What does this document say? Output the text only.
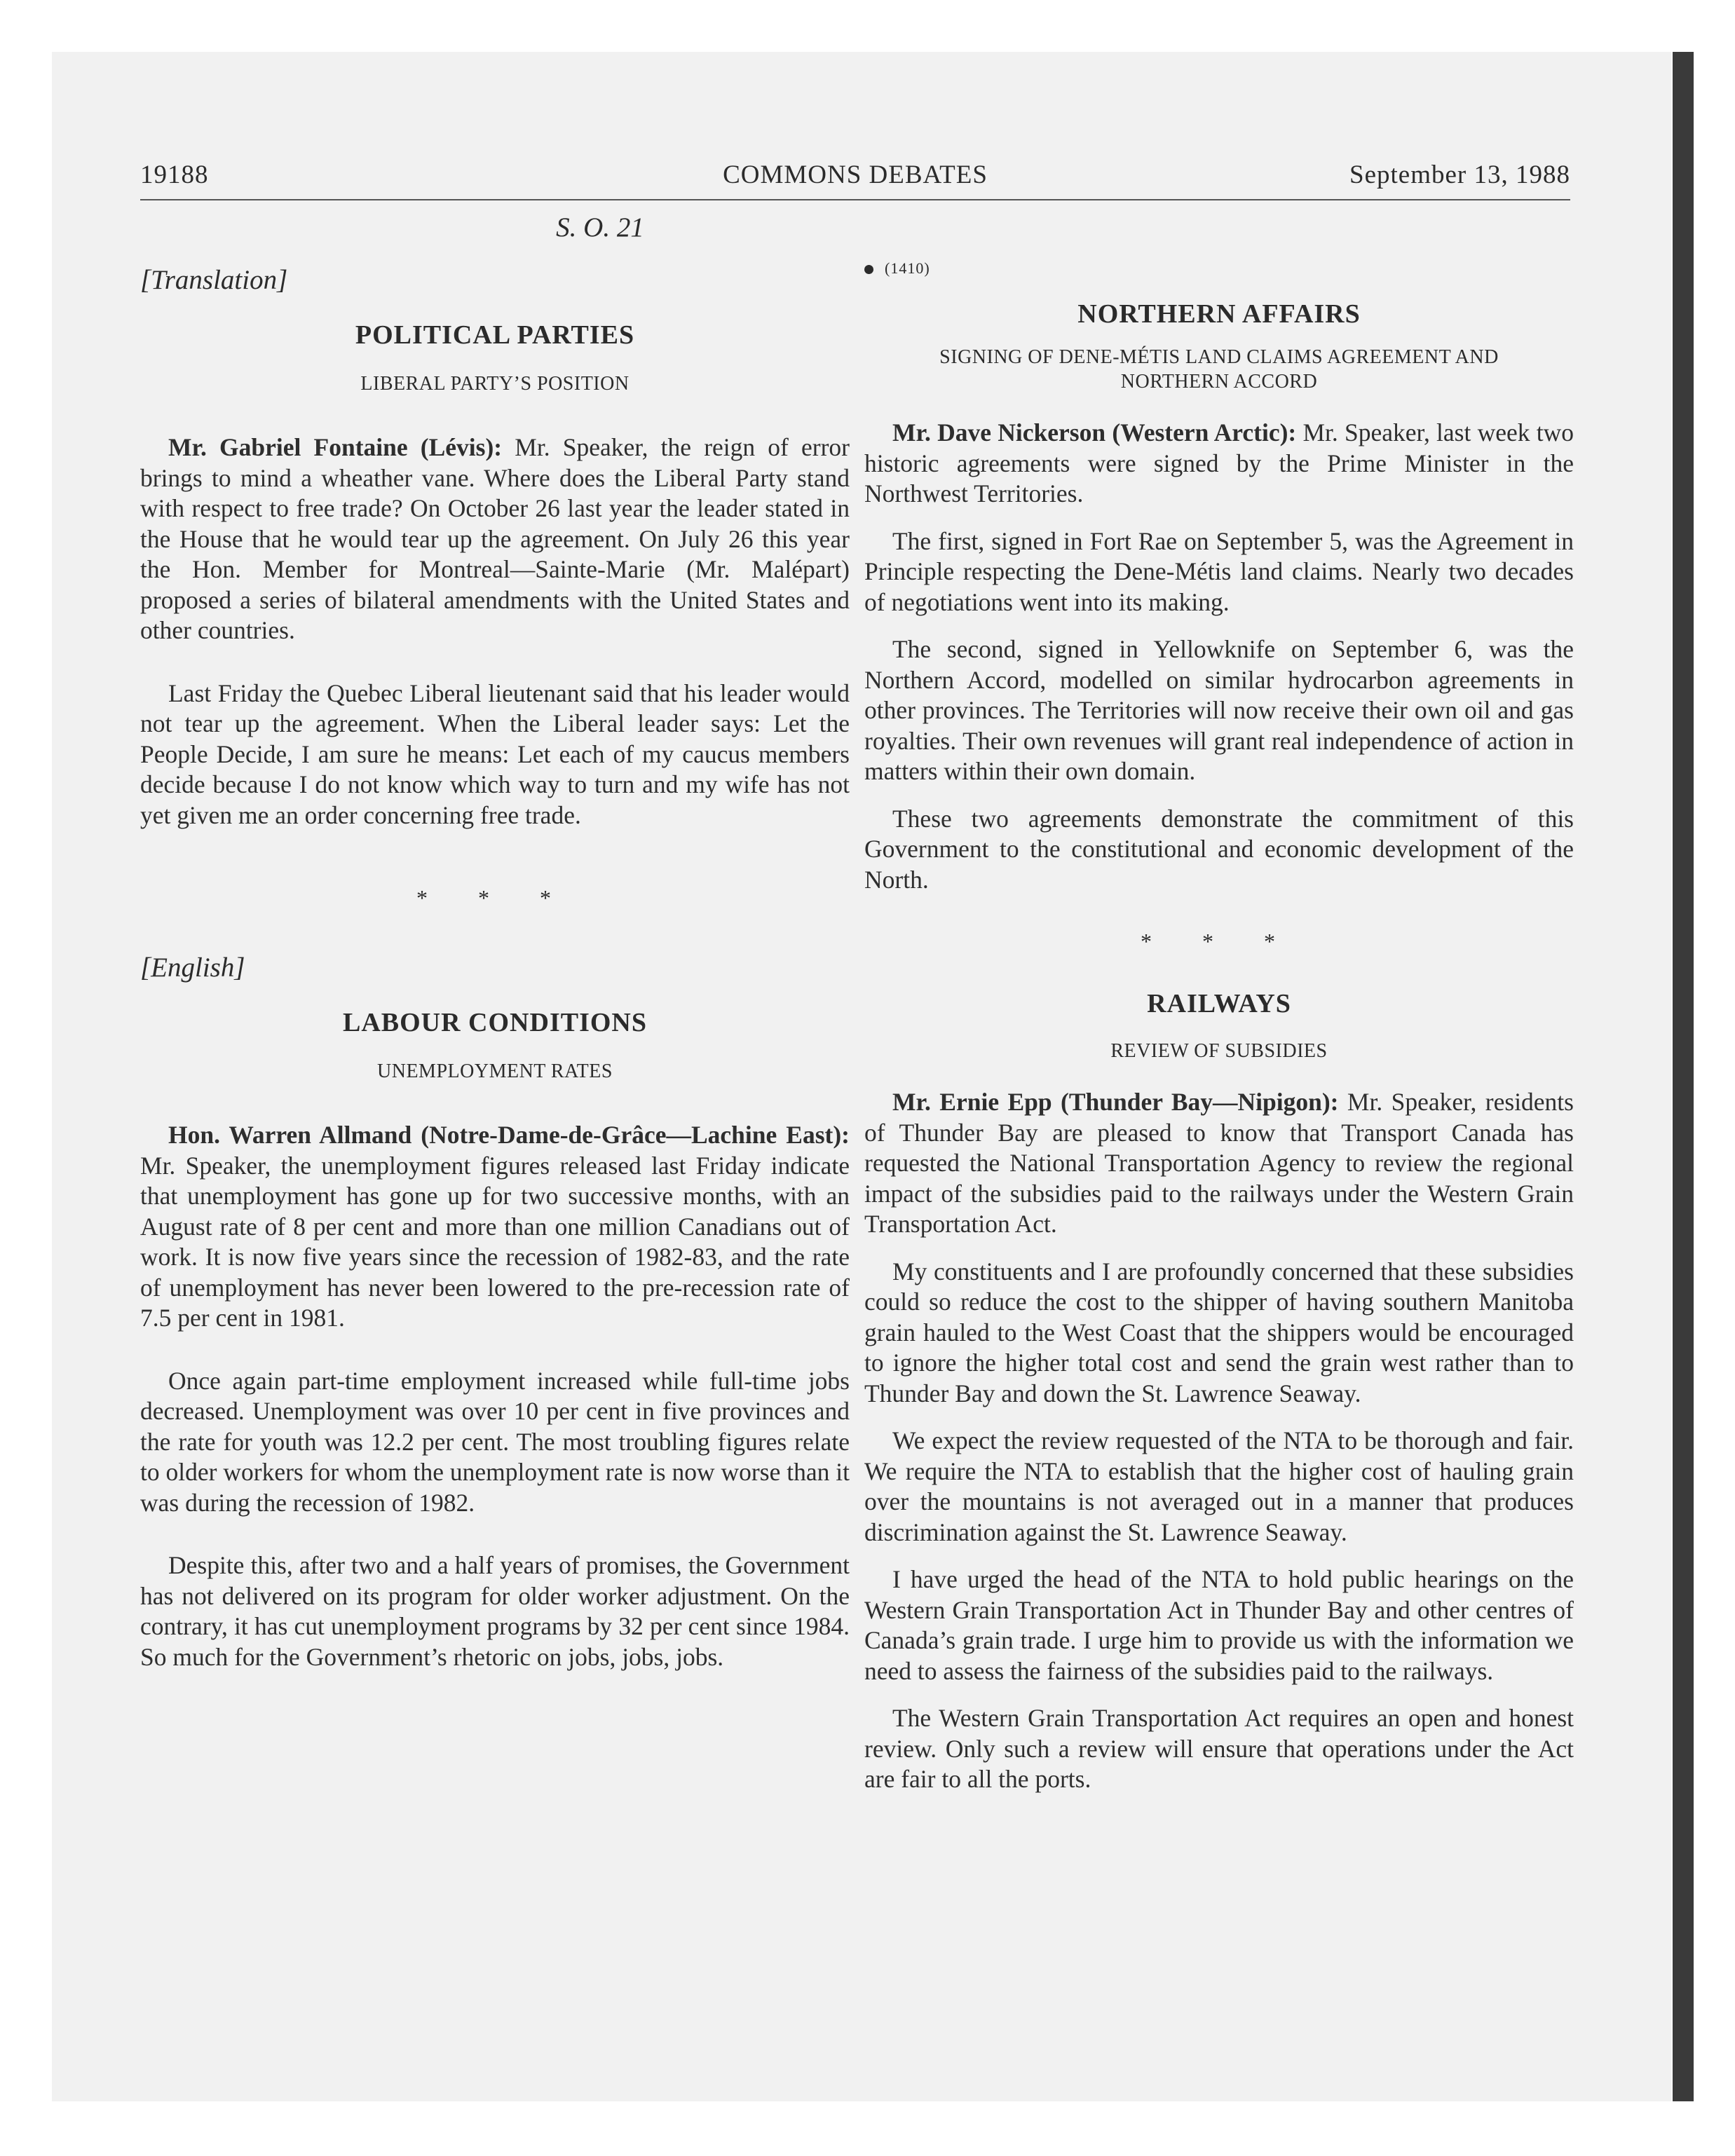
19188	COMMONS DEBATES	September 13, 1988
S. O. 21
[Translation]
POLITICAL PARTIES
LIBERAL PARTY’S POSITION

Mr. Gabriel Fontaine (Lévis): Mr. Speaker, the reign of error brings to mind a wheather vane. Where does the Liberal Party stand with respect to free trade? On October 26 last year the leader stated in the House that he would tear up the agreement. On July 26 this year the Hon. Member for Montreal—Sainte-Marie (Mr. Malépart) proposed a series of bilateral amendments with the United States and other countries.

Last Friday the Quebec Liberal lieutenant said that his leader would not tear up the agreement. When the Liberal leader says: Let the People Decide, I am sure he means: Let each of my caucus members decide because I do not know which way to turn and my wife has not yet given me an order concerning free trade.

* * *
[English]
LABOUR CONDITIONS
UNEMPLOYMENT RATES

Hon. Warren Allmand (Notre-Dame-de-Grâce—Lachine East): Mr. Speaker, the unemployment figures released last Friday indicate that unemployment has gone up for two successive months, with an August rate of 8 per cent and more than one million Canadians out of work. It is now five years since the recession of 1982-83, and the rate of unemployment has never been lowered to the pre-recession rate of 7.5 per cent in 1981.

Once again part-time employment increased while full-time jobs decreased. Unemployment was over 10 per cent in five provinces and the rate for youth was 12.2 per cent. The most troubling figures relate to older workers for whom the unemployment rate is now worse than it was during the recession of 1982.

Despite this, after two and a half years of promises, the Government has not delivered on its program for older worker adjustment. On the contrary, it has cut unemployment programs by 32 per cent since 1984. So much for the Government’s rhetoric on jobs, jobs, jobs.

(1410)
NORTHERN AFFAIRS
SIGNING OF DENE-MÉTIS LAND CLAIMS AGREEMENT AND
NORTHERN ACCORD

Mr. Dave Nickerson (Western Arctic): Mr. Speaker, last week two historic agreements were signed by the Prime Minister in the Northwest Territories.

The first, signed in Fort Rae on September 5, was the Agreement in Principle respecting the Dene-Métis land claims. Nearly two decades of negotiations went into its making.

The second, signed in Yellowknife on September 6, was the Northern Accord, modelled on similar hydrocarbon agreements in other provinces. The Territories will now receive their own oil and gas royalties. Their own revenues will grant real independence of action in matters within their own domain.

These two agreements demonstrate the commitment of this Government to the constitutional and economic development of the North.

* * *
RAILWAYS
REVIEW OF SUBSIDIES

Mr. Ernie Epp (Thunder Bay—Nipigon): Mr. Speaker, residents of Thunder Bay are pleased to know that Transport Canada has requested the National Transportation Agency to review the regional impact of the subsidies paid to the railways under the Western Grain Transportation Act.

My constituents and I are profoundly concerned that these subsidies could so reduce the cost to the shipper of having southern Manitoba grain hauled to the West Coast that the shippers would be encouraged to ignore the higher total cost and send the grain west rather than to Thunder Bay and down the St. Lawrence Seaway.

We expect the review requested of the NTA to be thorough and fair. We require the NTA to establish that the higher cost of hauling grain over the mountains is not averaged out in a manner that produces discrimination against the St. Lawrence Seaway.

I have urged the head of the NTA to hold public hearings on the Western Grain Transportation Act in Thunder Bay and other centres of Canada’s grain trade. I urge him to provide us with the information we need to assess the fairness of the subsidies paid to the railways.

The Western Grain Transportation Act requires an open and honest review. Only such a review will ensure that operations under the Act are fair to all the ports.
